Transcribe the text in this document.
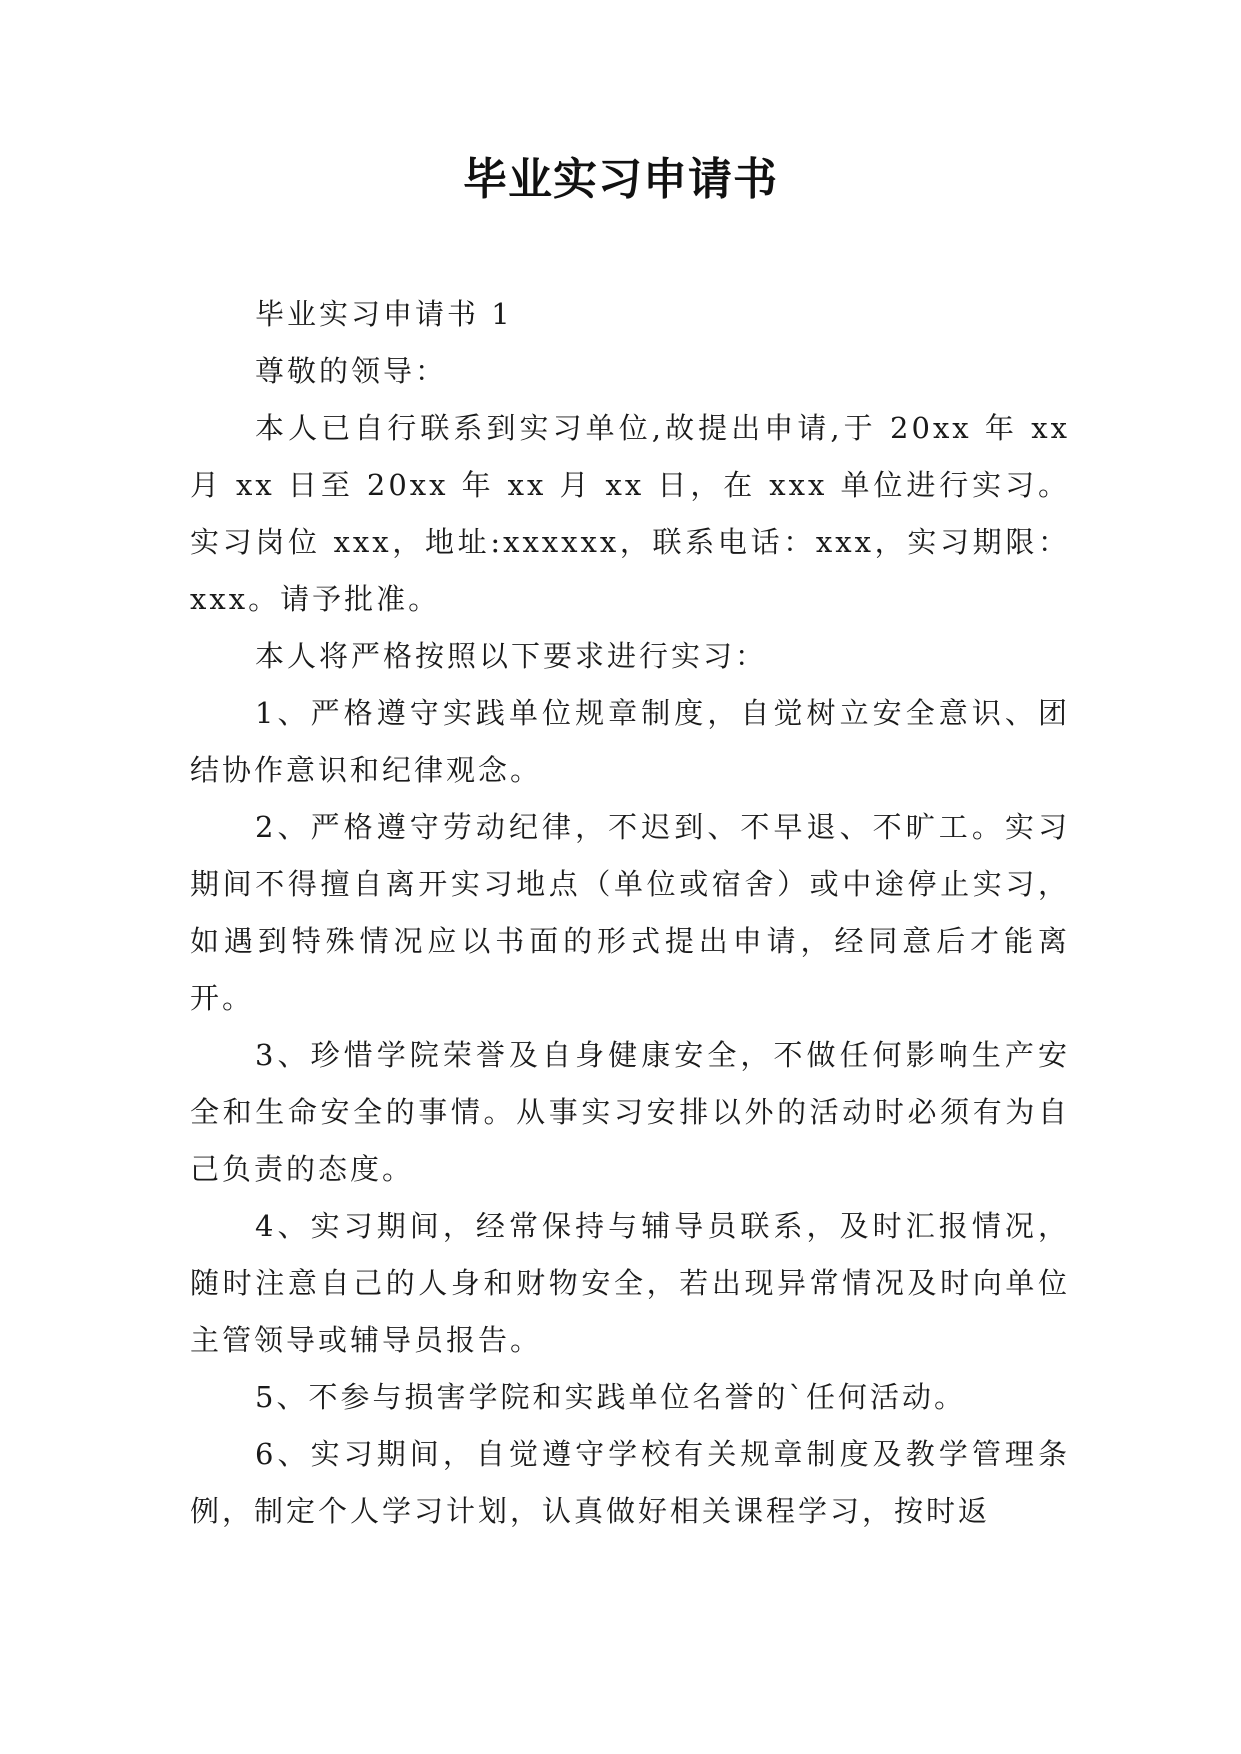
毕业实习申请书

毕业实习申请书 1

尊敬的领导：

本人已自行联系到实习单位,故提出申请,于 20xx 年 xx 月 xx 日至 20xx 年 xx 月 xx 日，在 xxx 单位进行实习。实习岗位 xxx，地址:xxxxxx，联系电话：xxx，实习期限：xxx。请予批准。

本人将严格按照以下要求进行实习：

1、严格遵守实践单位规章制度，自觉树立安全意识、团结协作意识和纪律观念。

2、严格遵守劳动纪律，不迟到、不早退、不旷工。实习期间不得擅自离开实习地点（单位或宿舍）或中途停止实习，如遇到特殊情况应以书面的形式提出申请，经同意后才能离开。

3、珍惜学院荣誉及自身健康安全，不做任何影响生产安全和生命安全的事情。从事实习安排以外的活动时必须有为自己负责的态度。

4、实习期间，经常保持与辅导员联系，及时汇报情况，随时注意自己的人身和财物安全，若出现异常情况及时向单位主管领导或辅导员报告。

5、不参与损害学院和实践单位名誉的`任何活动。

6、实习期间，自觉遵守学校有关规章制度及教学管理条例，制定个人学习计划，认真做好相关课程学习，按时返
